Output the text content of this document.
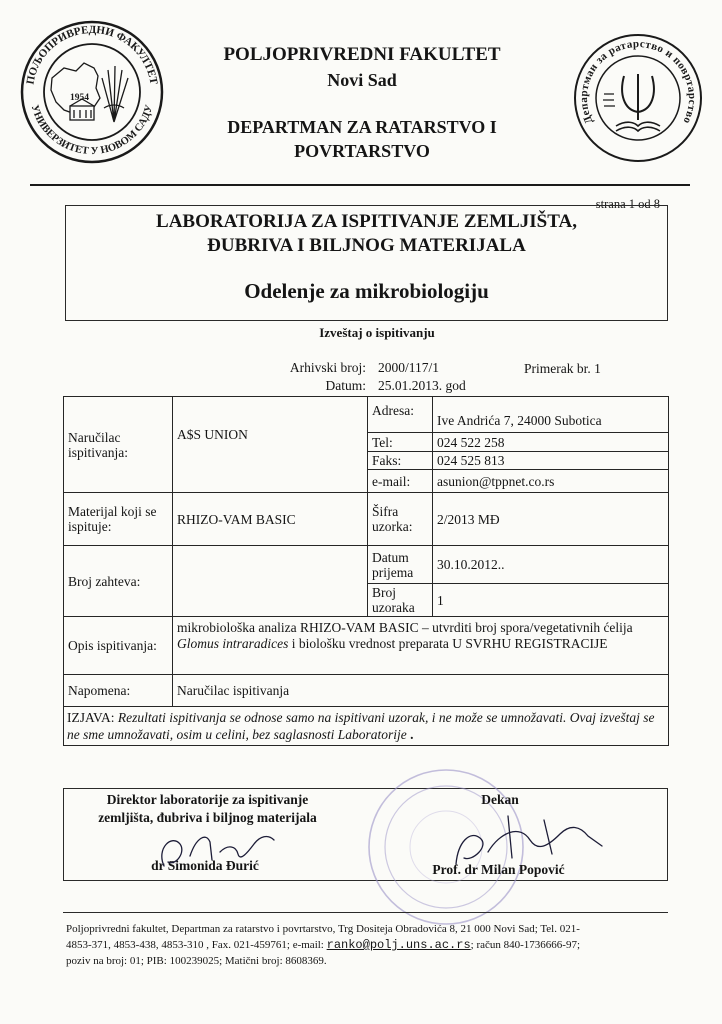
ПОЉОПРИВРЕДНИ ФАКУЛТЕТ
УНИВЕРЗИТЕТ У НОВОМ САДУ
1954
POLJOPRIVREDNI FAKULTET
Novi Sad
DEPARTMAN ZA RATARSTVO I
POVRTARSTVO
Департман за ратарство и повртарство
strana 1 od 8
LABORATORIJA ZA ISPITIVANJE ZEMLJIŠTA,
ĐUBRIVA I BILJNOG MATERIJALA
Odelenje za mikrobiologiju
Izveštaj o ispitivanju
Arhivski broj: 2000/117/1	Primerak br. 1
Datum: 25.01.2013. god
Naručilac ispitivanja:	A$S UNION	Adresa:	Ive Andrića 7, 24000 Subotica
		Tel:	024 522 258
		Faks:	024 525 813
		e-mail:	asunion@tppnet.co.rs
Materijal koji se ispituje:	RHIZO-VAM BASIC	Šifra uzorka:	2/2013 MĐ
Broj zahteva:		Datum prijema	30.10.2012..
		Broj uzoraka	1
Opis ispitivanja:	mikrobiološka analiza RHIZO-VAM BASIC – utvrditi broj spora/vegetativnih ćelija Glomus intraradices i biološku vrednost preparata U SVRHU REGISTRACIJE		
Napomena:	Naručilac ispitivanja		
IZJAVA: Rezultati ispitivanja se odnose samo na ispitivani uzorak, i ne može se umnožavati. Ovaj izveštaj se ne sme umnožavati, osim u celini, bez saglasnosti Laboratorije .			
Direktor laboratorije za ispitivanje
zemljišta, đubriva i biljnog materijala
dr Simonida Đurić
Dekan
Prof. dr Milan Popović
Poljoprivredni fakultet, Departman za ratarstvo i povrtarstvo, Trg Dositeja Obradovića 8, 21 000 Novi Sad; Tel. 021-
4853-371, 4853-438, 4853-310 , Fax. 021-459761; e-mail: ranko@polj.uns.ac.rs; račun 840-1736666-97;
poziv na broj: 01; PIB: 100239025; Matični broj: 8608369.
